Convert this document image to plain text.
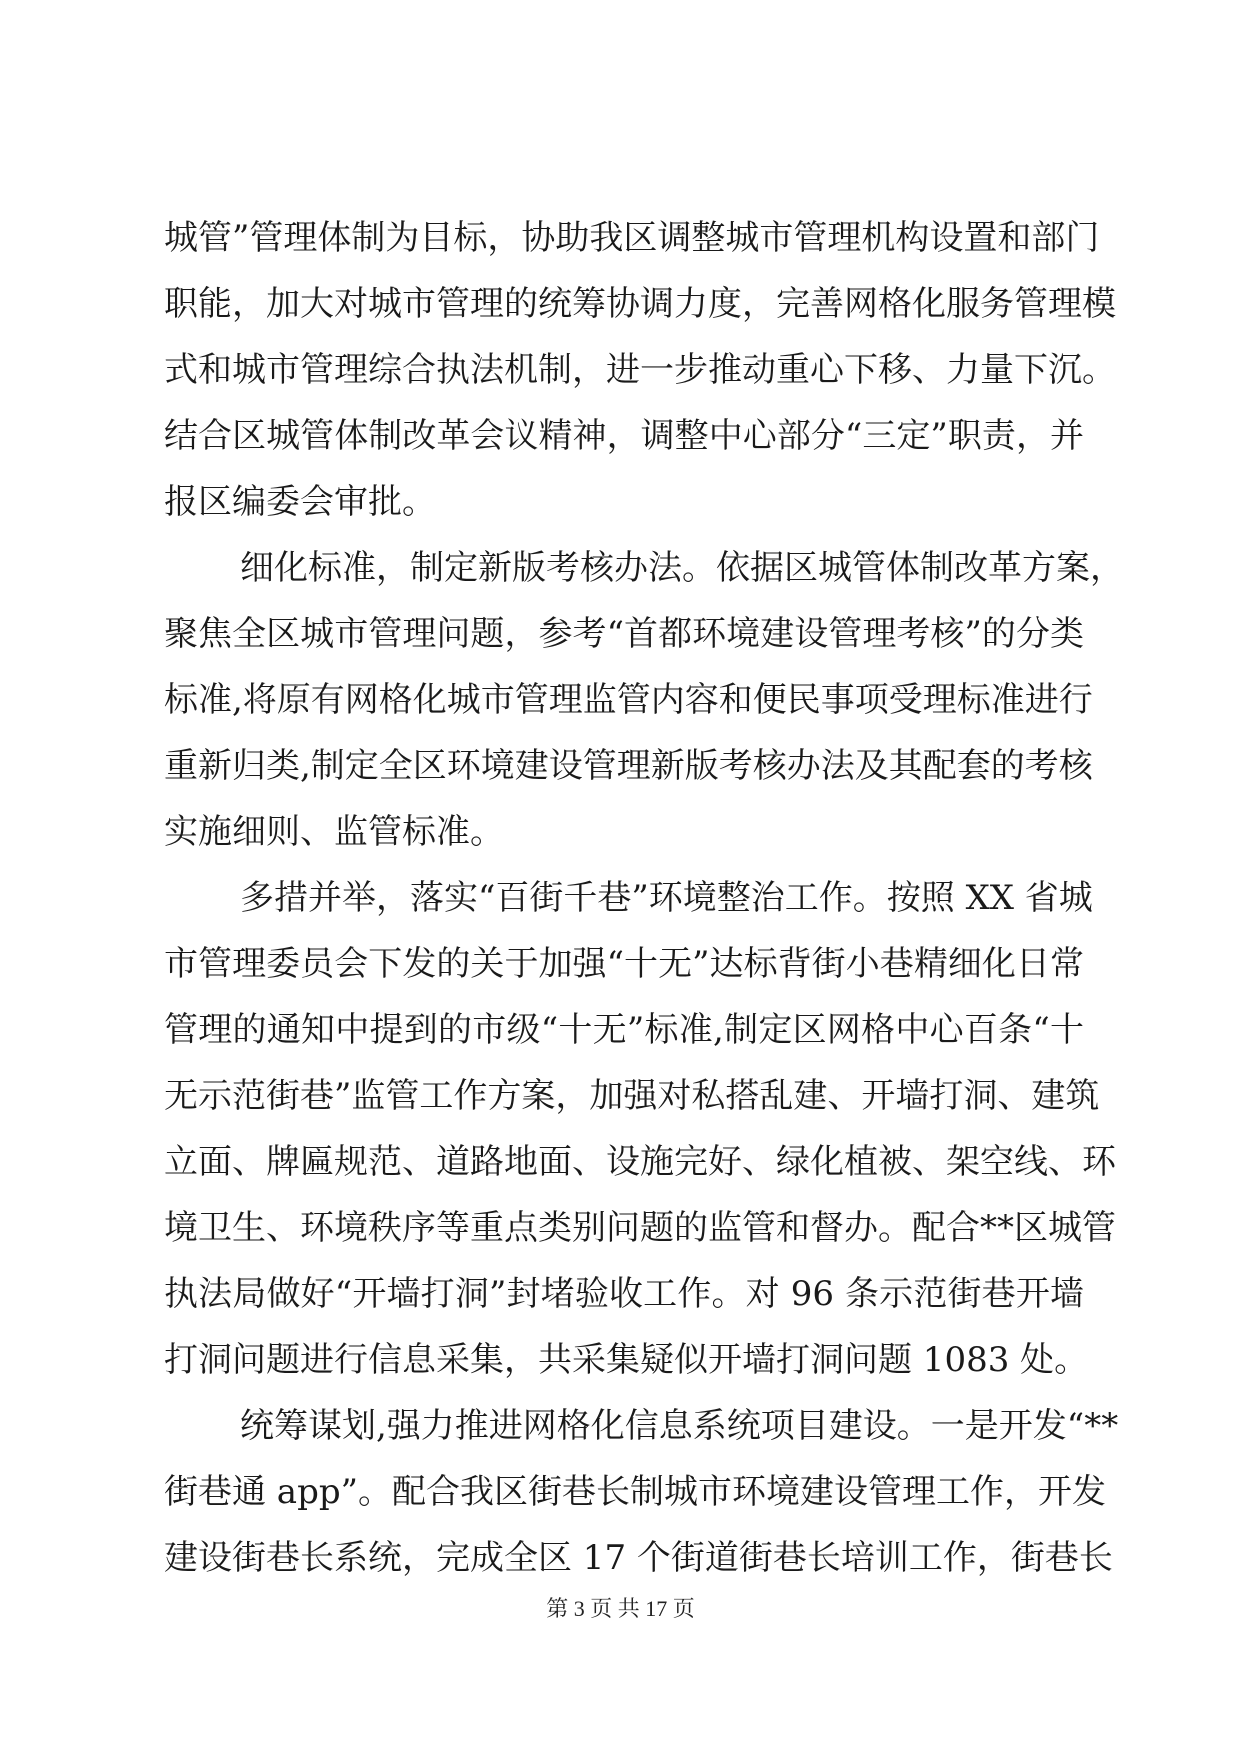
城管”管理体制为目标，协助我区调整城市管理机构设置和部门
职能，加大对城市管理的统筹协调力度，完善网格化服务管理模
式和城市管理综合执法机制，进一步推动重心下移、力量下沉。
结合区城管体制改革会议精神，调整中心部分“三定”职责，并
报区编委会审批。
细化标准，制定新版考核办法。依据区城管体制改革方案，
聚焦全区城市管理问题，参考“首都环境建设管理考核”的分类
标准,将原有网格化城市管理监管内容和便民事项受理标准进行
重新归类,制定全区环境建设管理新版考核办法及其配套的考核
实施细则、监管标准。
多措并举，落实“百街千巷”环境整治工作。按照 XX 省城
市管理委员会下发的关于加强“十无”达标背街小巷精细化日常
管理的通知中提到的市级“十无”标准,制定区网格中心百条“十
无示范街巷”监管工作方案，加强对私搭乱建、开墙打洞、建筑
立面、牌匾规范、道路地面、设施完好、绿化植被、架空线、环
境卫生、环境秩序等重点类别问题的监管和督办。配合**区城管
执法局做好“开墙打洞”封堵验收工作。对 96 条示范街巷开墙
打洞问题进行信息采集，共采集疑似开墙打洞问题 1083 处。
统筹谋划,强力推进网格化信息系统项目建设。一是开发“**
街巷通 app”。配合我区街巷长制城市环境建设管理工作，开发
建设街巷长系统，完成全区 17 个街道街巷长培训工作，街巷长
第 3 页 共 17 页
